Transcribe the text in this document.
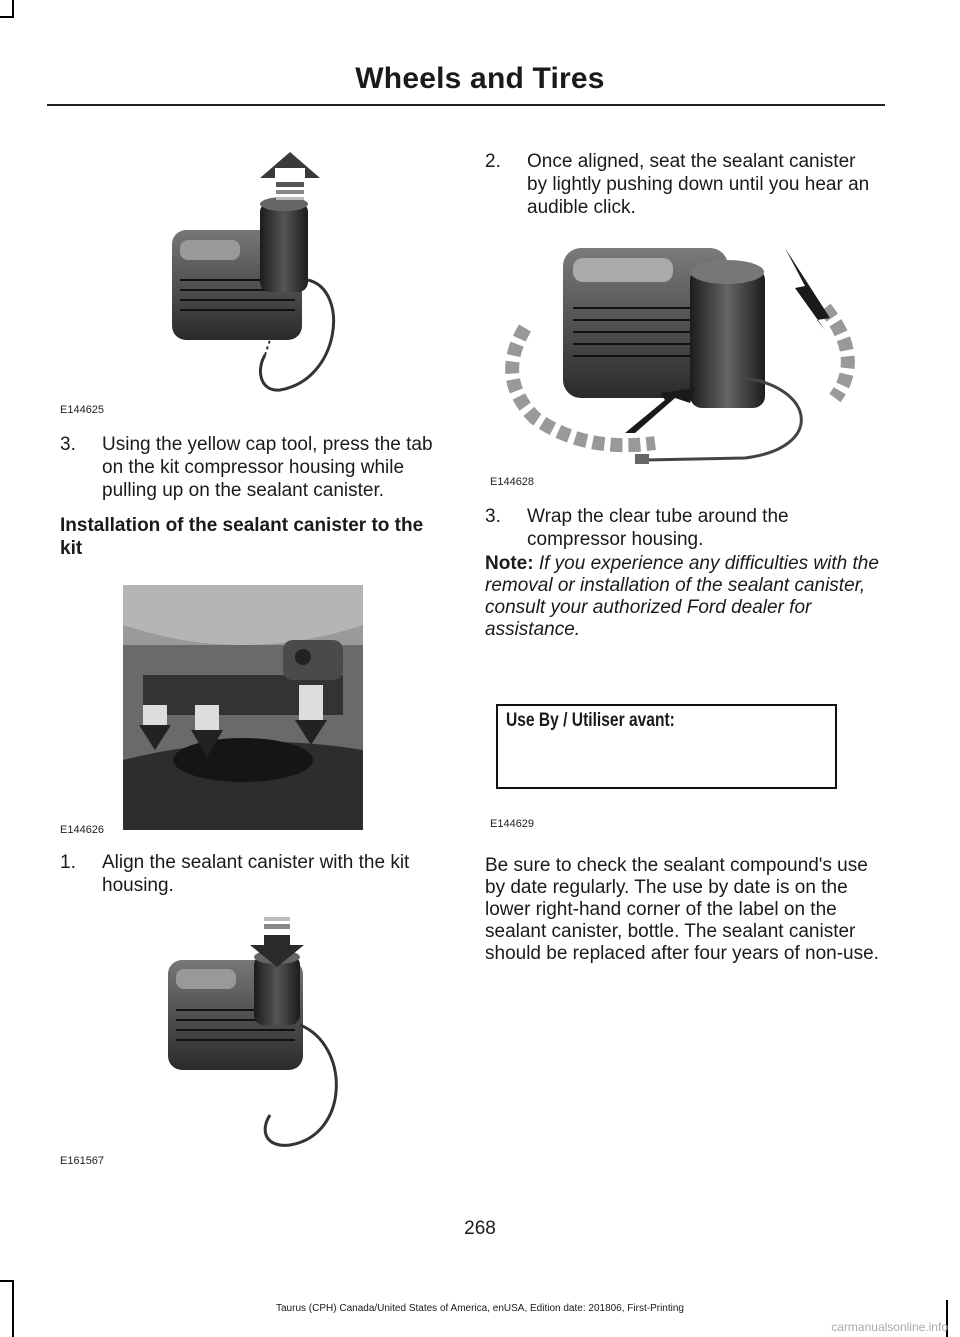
Wheels and Tires
E144625
3. Using the yellow cap tool, press the tab on the kit compressor housing while pulling up on the sealant canister.
Installation of the sealant canister to the kit
E144626
1. Align the sealant canister with the kit housing.
E161567
2. Once aligned, seat the sealant canister by lightly pushing down until you hear an audible click.
E144628
3. Wrap the clear tube around the compressor housing.
Note: If you experience any difficulties with the removal or installation of the sealant canister, consult your authorized Ford dealer for assistance.
Use By / Utiliser avant:
E144629
Be sure to check the sealant compound's use by date regularly. The use by date is on the lower right-hand corner of the label on the sealant canister, bottle. The sealant canister should be replaced after four years of non-use.
268
Taurus (CPH) Canada/United States of America, enUSA, Edition date: 201806, First-Printing
carmanualsonline.info
